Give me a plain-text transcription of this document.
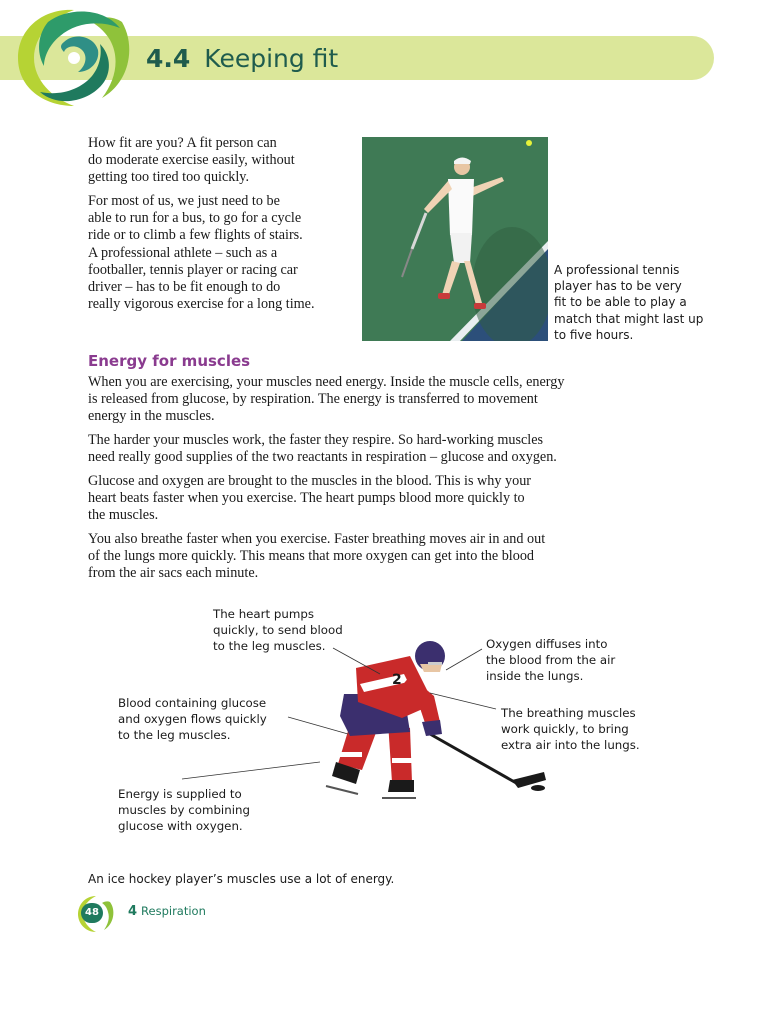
4.4 Keeping fit
How fit are you? A fit person can
do moderate exercise easily, without
getting too tired too quickly.
For most of us, we just need to be
able to run for a bus, to go for a cycle
ride or to climb a few flights of stairs.
A professional athlete – such as a
footballer, tennis player or racing car
driver – has to be fit enough to do
really vigorous exercise for a long time.
A professional tennis
player has to be very
fit to be able to play a
match that might last up
to five hours.
Energy for muscles
When you are exercising, your muscles need energy. Inside the muscle cells, energy
is released from glucose, by respiration. The energy is transferred to movement
energy in the muscles.
The harder your muscles work, the faster they respire. So hard-working muscles
need really good supplies of the two reactants in respiration – glucose and oxygen.
Glucose and oxygen are brought to the muscles in the blood. This is why your
heart beats faster when you exercise. The heart pumps blood more quickly to
the muscles.
You also breathe faster when you exercise. Faster breathing moves air in and out
of the lungs more quickly. This means that more oxygen can get into the blood
from the air sacs each minute.
2
The heart pumps
quickly, to send blood
to the leg muscles.	Oxygen diffuses into
the blood from the air
inside the lungs.
Blood containing glucose
and oxygen flows quickly
to the leg muscles.
The breathing muscles
work quickly, to bring
extra air into the lungs.
Energy is supplied to
muscles by combining
glucose with oxygen.
An ice hockey player’s muscles use a lot of energy.
48	4 Respiration
